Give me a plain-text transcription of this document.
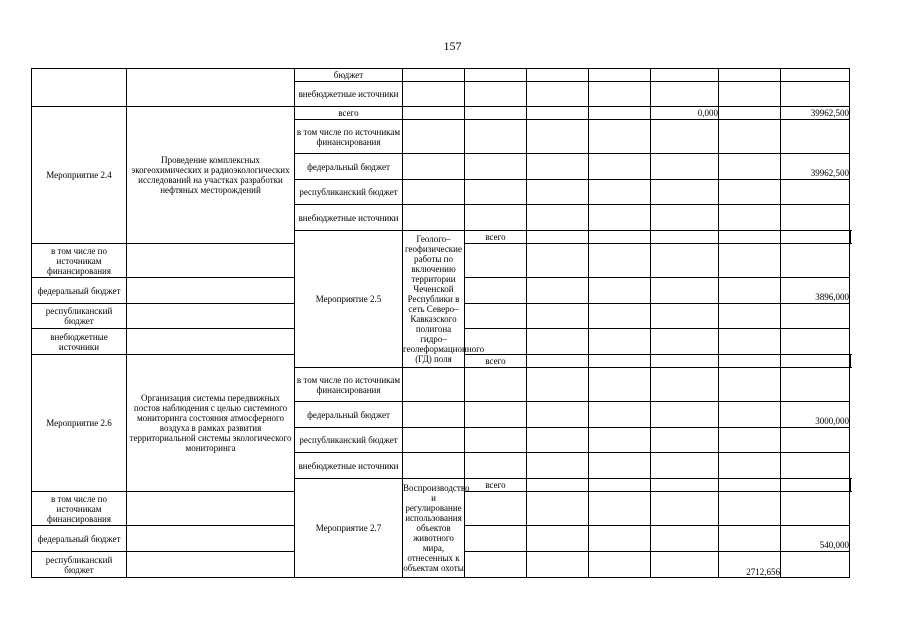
157
		бюджет								
		внебюджетные источники								
Мероприятие 2.4	Проведение комплексных экогеохимических и радиоэкологических исследований на участках разработки нефтяных месторождений	всего					0,000		39962,500	
		в том числе по источникам финансирования								
		федеральный бюджет							39962,500	
		республиканский бюджет								
		внебюджетные источники								
		Мероприятие 2.5	Геолого–геофизические работы по включению территории Чеченской Республики в сеть Северо–Кавказского полигона гидро–геолеформационного (ГД) поля	всего							
в том числе по источникам финансирования										
федеральный бюджет									3896,000	
республиканский бюджет										
внебюджетные источники										
Мероприятие 2.6	Организация системы передвижных постов наблюдения с целью системного мониторинга состояния атмосферного воздуха в рамках развития территориальной системы экологического мониторинга			всего							
		в том числе по источникам финансирования								
		федеральный бюджет							3000,000	
		республиканский бюджет								
		внебюджетные источники								
		Мероприятие 2.7	Воспроизводство и регулирование использования объектов животного мира, отнесенных к объектам охоты	всего							
в том числе по источникам финансирования										
федеральный бюджет									540,000	
республиканский бюджет								2712,656		
